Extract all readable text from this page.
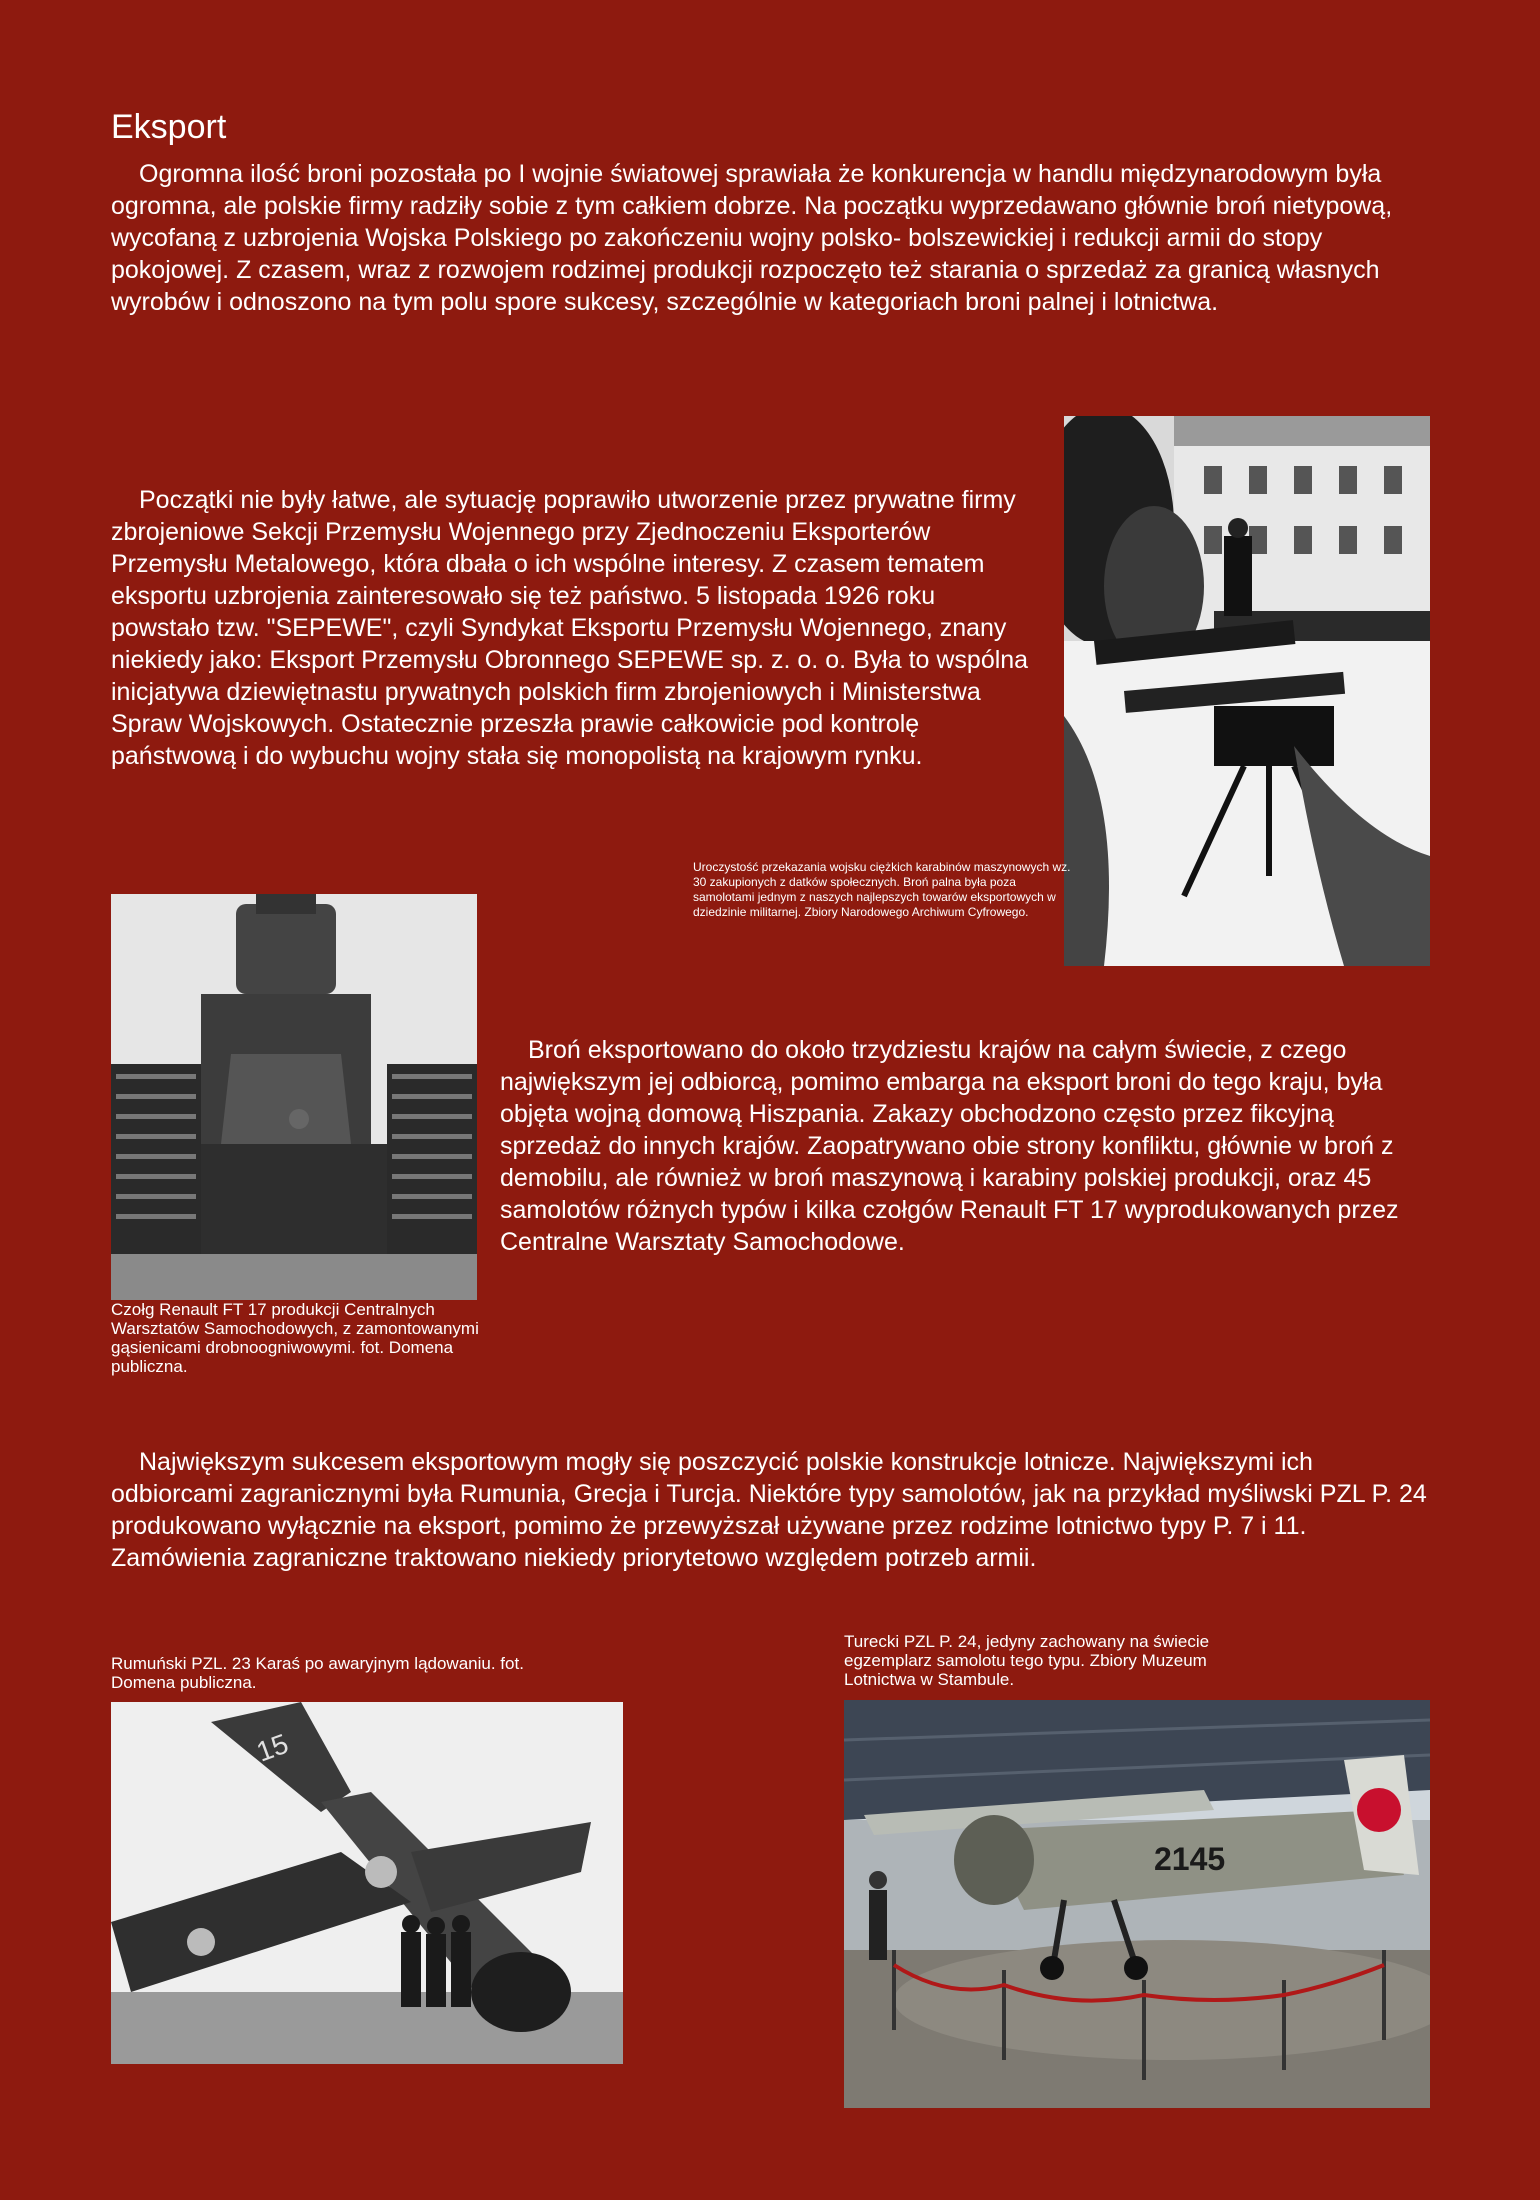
Eksport

Ogromna ilość broni pozostała po I wojnie światowej sprawiała że konkurencja w handlu międzynarodowym była ogromna, ale polskie firmy radziły sobie z tym całkiem dobrze. Na początku wyprzedawano głównie broń nietypową, wycofaną z uzbrojenia Wojska Polskiego po zakończeniu wojny polsko- bolszewickiej i redukcji armii do stopy pokojowej. Z czasem, wraz z rozwojem rodzimej produkcji rozpoczęto też starania o sprzedaż za granicą własnych wyrobów i odnoszono na tym polu spore sukcesy, szczególnie w kategoriach broni palnej i lotnictwa.

Początki nie były łatwe, ale sytuację poprawiło utworzenie przez prywatne firmy zbrojeniowe Sekcji Przemysłu Wojennego przy Zjednoczeniu Eksporterów Przemysłu Metalowego, która dbała o ich wspólne interesy. Z czasem tematem eksportu uzbrojenia zainteresowało się też państwo. 5 listopada 1926 roku powstało tzw. "SEPEWE", czyli Syndykat Eksportu Przemysłu Wojennego, znany niekiedy jako: Eksport Przemysłu Obronnego SEPEWE sp. z. o. o. Była to wspólna inicjatywa dziewiętnastu prywatnych polskich firm zbrojeniowych i Ministerstwa Spraw Wojskowych. Ostatecznie przeszła prawie całkowicie pod kontrolę państwową i do wybuchu wojny stała się monopolistą na krajowym rynku.

Uroczystość przekazania wojsku ciężkich karabinów maszynowych wz. 30 zakupionych z datków społecznych. Broń palna była poza samolotami jednym z naszych najlepszych towarów eksportowych w dziedzinie militarnej. Zbiory Narodowego Archiwum Cyfrowego.
Czołg Renault FT 17 produkcji Centralnych Warsztatów Samochodowych, z zamontowanymi gąsienicami drobnoogniwowymi. fot. Domena publiczna.

Broń eksportowano do około trzydziestu krajów na całym świecie, z czego największym jej odbiorcą, pomimo embarga na eksport broni do tego kraju, była objęta wojną domową Hiszpania. Zakazy obchodzono często przez fikcyjną sprzedaż do innych krajów. Zaopatrywano obie strony konfliktu, głównie w broń z demobilu, ale również w broń maszynową i karabiny polskiej produkcji, oraz 45 samolotów różnych typów i kilka czołgów Renault FT 17 wyprodukowanych przez Centralne Warsztaty Samochodowe.

Największym sukcesem eksportowym mogły się poszczycić polskie konstrukcje lotnicze. Największymi ich odbiorcami zagranicznymi była Rumunia, Grecja i Turcja. Niektóre typy samolotów, jak na przykład myśliwski PZL P. 24 produkowano wyłącznie na eksport, pomimo że przewyższał używane przez rodzime lotnictwo typy P. 7 i 11. Zamówienia zagraniczne traktowano niekiedy priorytetowo względem potrzeb armii.

Rumuński PZL. 23 Karaś po awaryjnym lądowaniu. fot. Domena publiczna.
Turecki PZL P. 24, jedyny zachowany na świecie egzemplarz samolotu tego typu. Zbiory Muzeum Lotnictwa w Stambule.
15
2145
